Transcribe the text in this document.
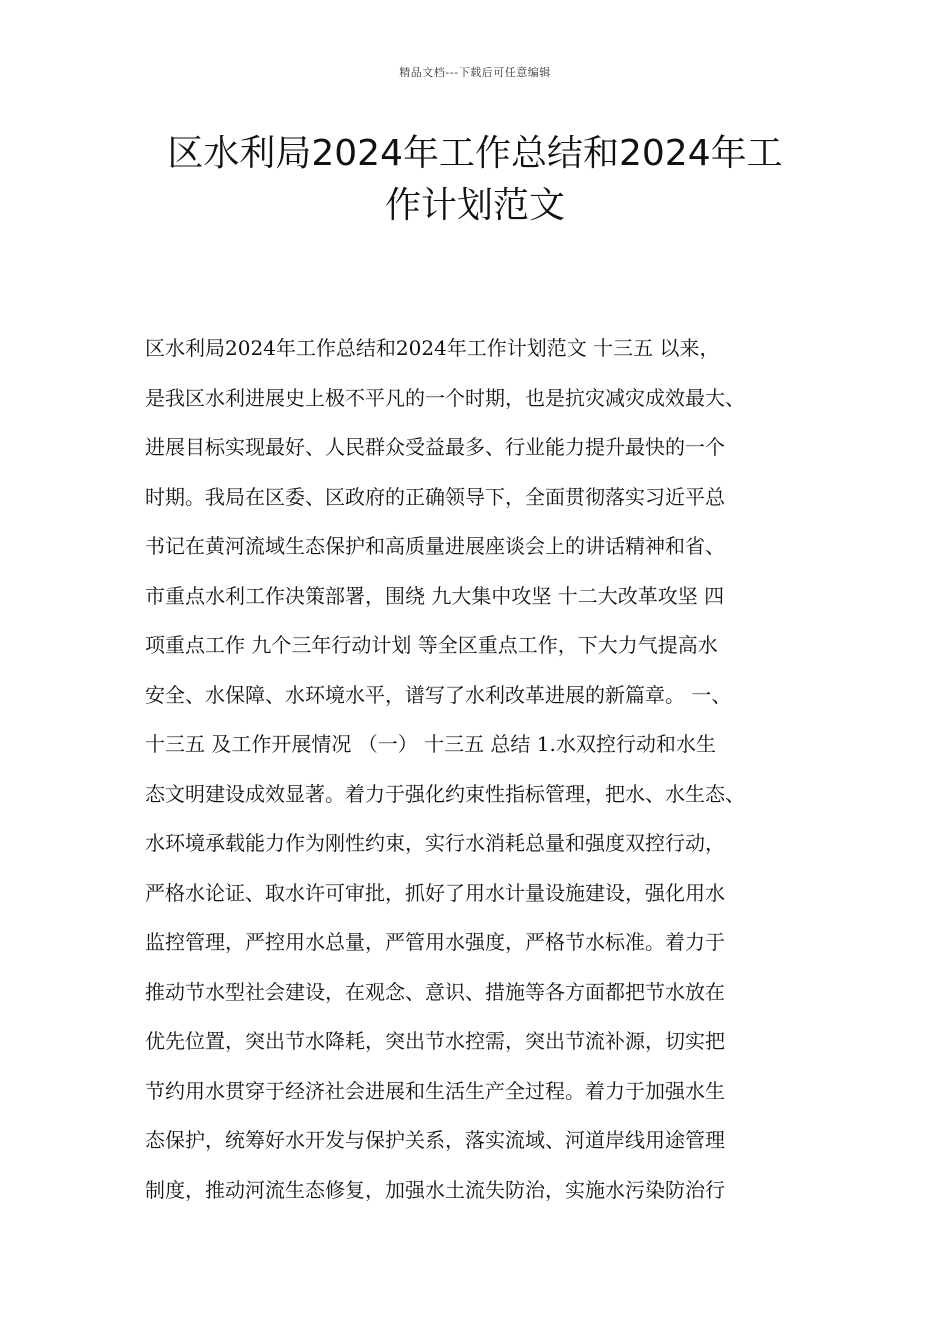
精品文档---下载后可任意编辑
区水利局2024年工作总结和2024年工
作计划范文
区水利局2024年工作总结和2024年工作计划范文 十三五 以来，
是我区水利进展史上极不平凡的一个时期，也是抗灾减灾成效最大、
进展目标实现最好、人民群众受益最多、行业能力提升最快的一个
时期。我局在区委、区政府的正确领导下，全面贯彻落实习近平总
书记在黄河流域生态保护和高质量进展座谈会上的讲话精神和省、
市重点水利工作决策部署，围绕 九大集中攻坚 十二大改革攻坚 四
项重点工作 九个三年行动计划 等全区重点工作，下大力气提高水
安全、水保障、水环境水平，谱写了水利改革进展的新篇章。 一、
十三五 及工作开展情况 （一） 十三五 总结 1.水双控行动和水生
态文明建设成效显著。着力于强化约束性指标管理，把水、水生态、
水环境承载能力作为刚性约束，实行水消耗总量和强度双控行动，
严格水论证、取水许可审批，抓好了用水计量设施建设，强化用水
监控管理，严控用水总量，严管用水强度，严格节水标准。着力于
推动节水型社会建设，在观念、意识、措施等各方面都把节水放在
优先位置，突出节水降耗，突出节水控需，突出节流补源，切实把
节约用水贯穿于经济社会进展和生活生产全过程。着力于加强水生
态保护，统筹好水开发与保护关系，落实流域、河道岸线用途管理
制度，推动河流生态修复，加强水土流失防治，实施水污染防治行
